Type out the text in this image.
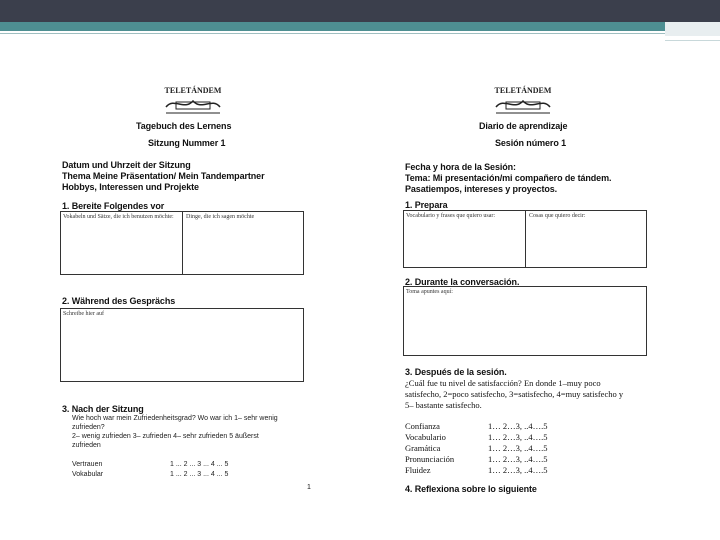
TELETÁNDEM
Tagebuch des Lernens
Sitzung Nummer 1
Datum und Uhrzeit der Sitzung
Thema Meine Präsentation/ Mein Tandempartner
Hobbys, Interessen und Projekte
1. Bereite Folgendes vor
Vokabeln und Sätze, die ich benutzen möchte:	Dinge, die ich sagen möchte
2. Während des Gesprächs
Schreibe hier auf
3. Nach der Sitzung
Wie hoch war mein Zufriedenheitsgrad? Wo war ich 1– sehr wenig
zufrieden?
2– wenig zufrieden 3– zufrieden 4– sehr zufrieden 5 äußerst
zufrieden
Vertrauen	1 ... 2 ... 3 ... 4 ... 5
Vokabular	1 ... 2 ... 3 ... 4 ... 5
1
TELETÁNDEM
Diario de aprendizaje
Sesión número 1
Fecha y hora de la Sesión:
Tema: Mi presentación/mi compañero de tándem.
Pasatiempos, intereses y proyectos.
1. Prepara
Vocabulario y frases que quiero usar:	Cosas que quiero decir:
2. Durante la conversación.
Toma apuntes aquí:
3. Después de la sesión.
¿Cuál fue tu nivel de satisfacción? En donde 1–muy poco
satisfecho, 2=poco satisfecho, 3=satisfecho, 4=muy satisfecho y
5– bastante satisfecho.
Confianza	1… 2…3, ..4….5
Vocabulario	1… 2…3, ..4….5
Gramática	1… 2…3, ..4….5
Pronunciación	1… 2…3, ..4….5
Fluidez	1… 2…3, ..4….5
4. Reflexiona sobre lo siguiente
